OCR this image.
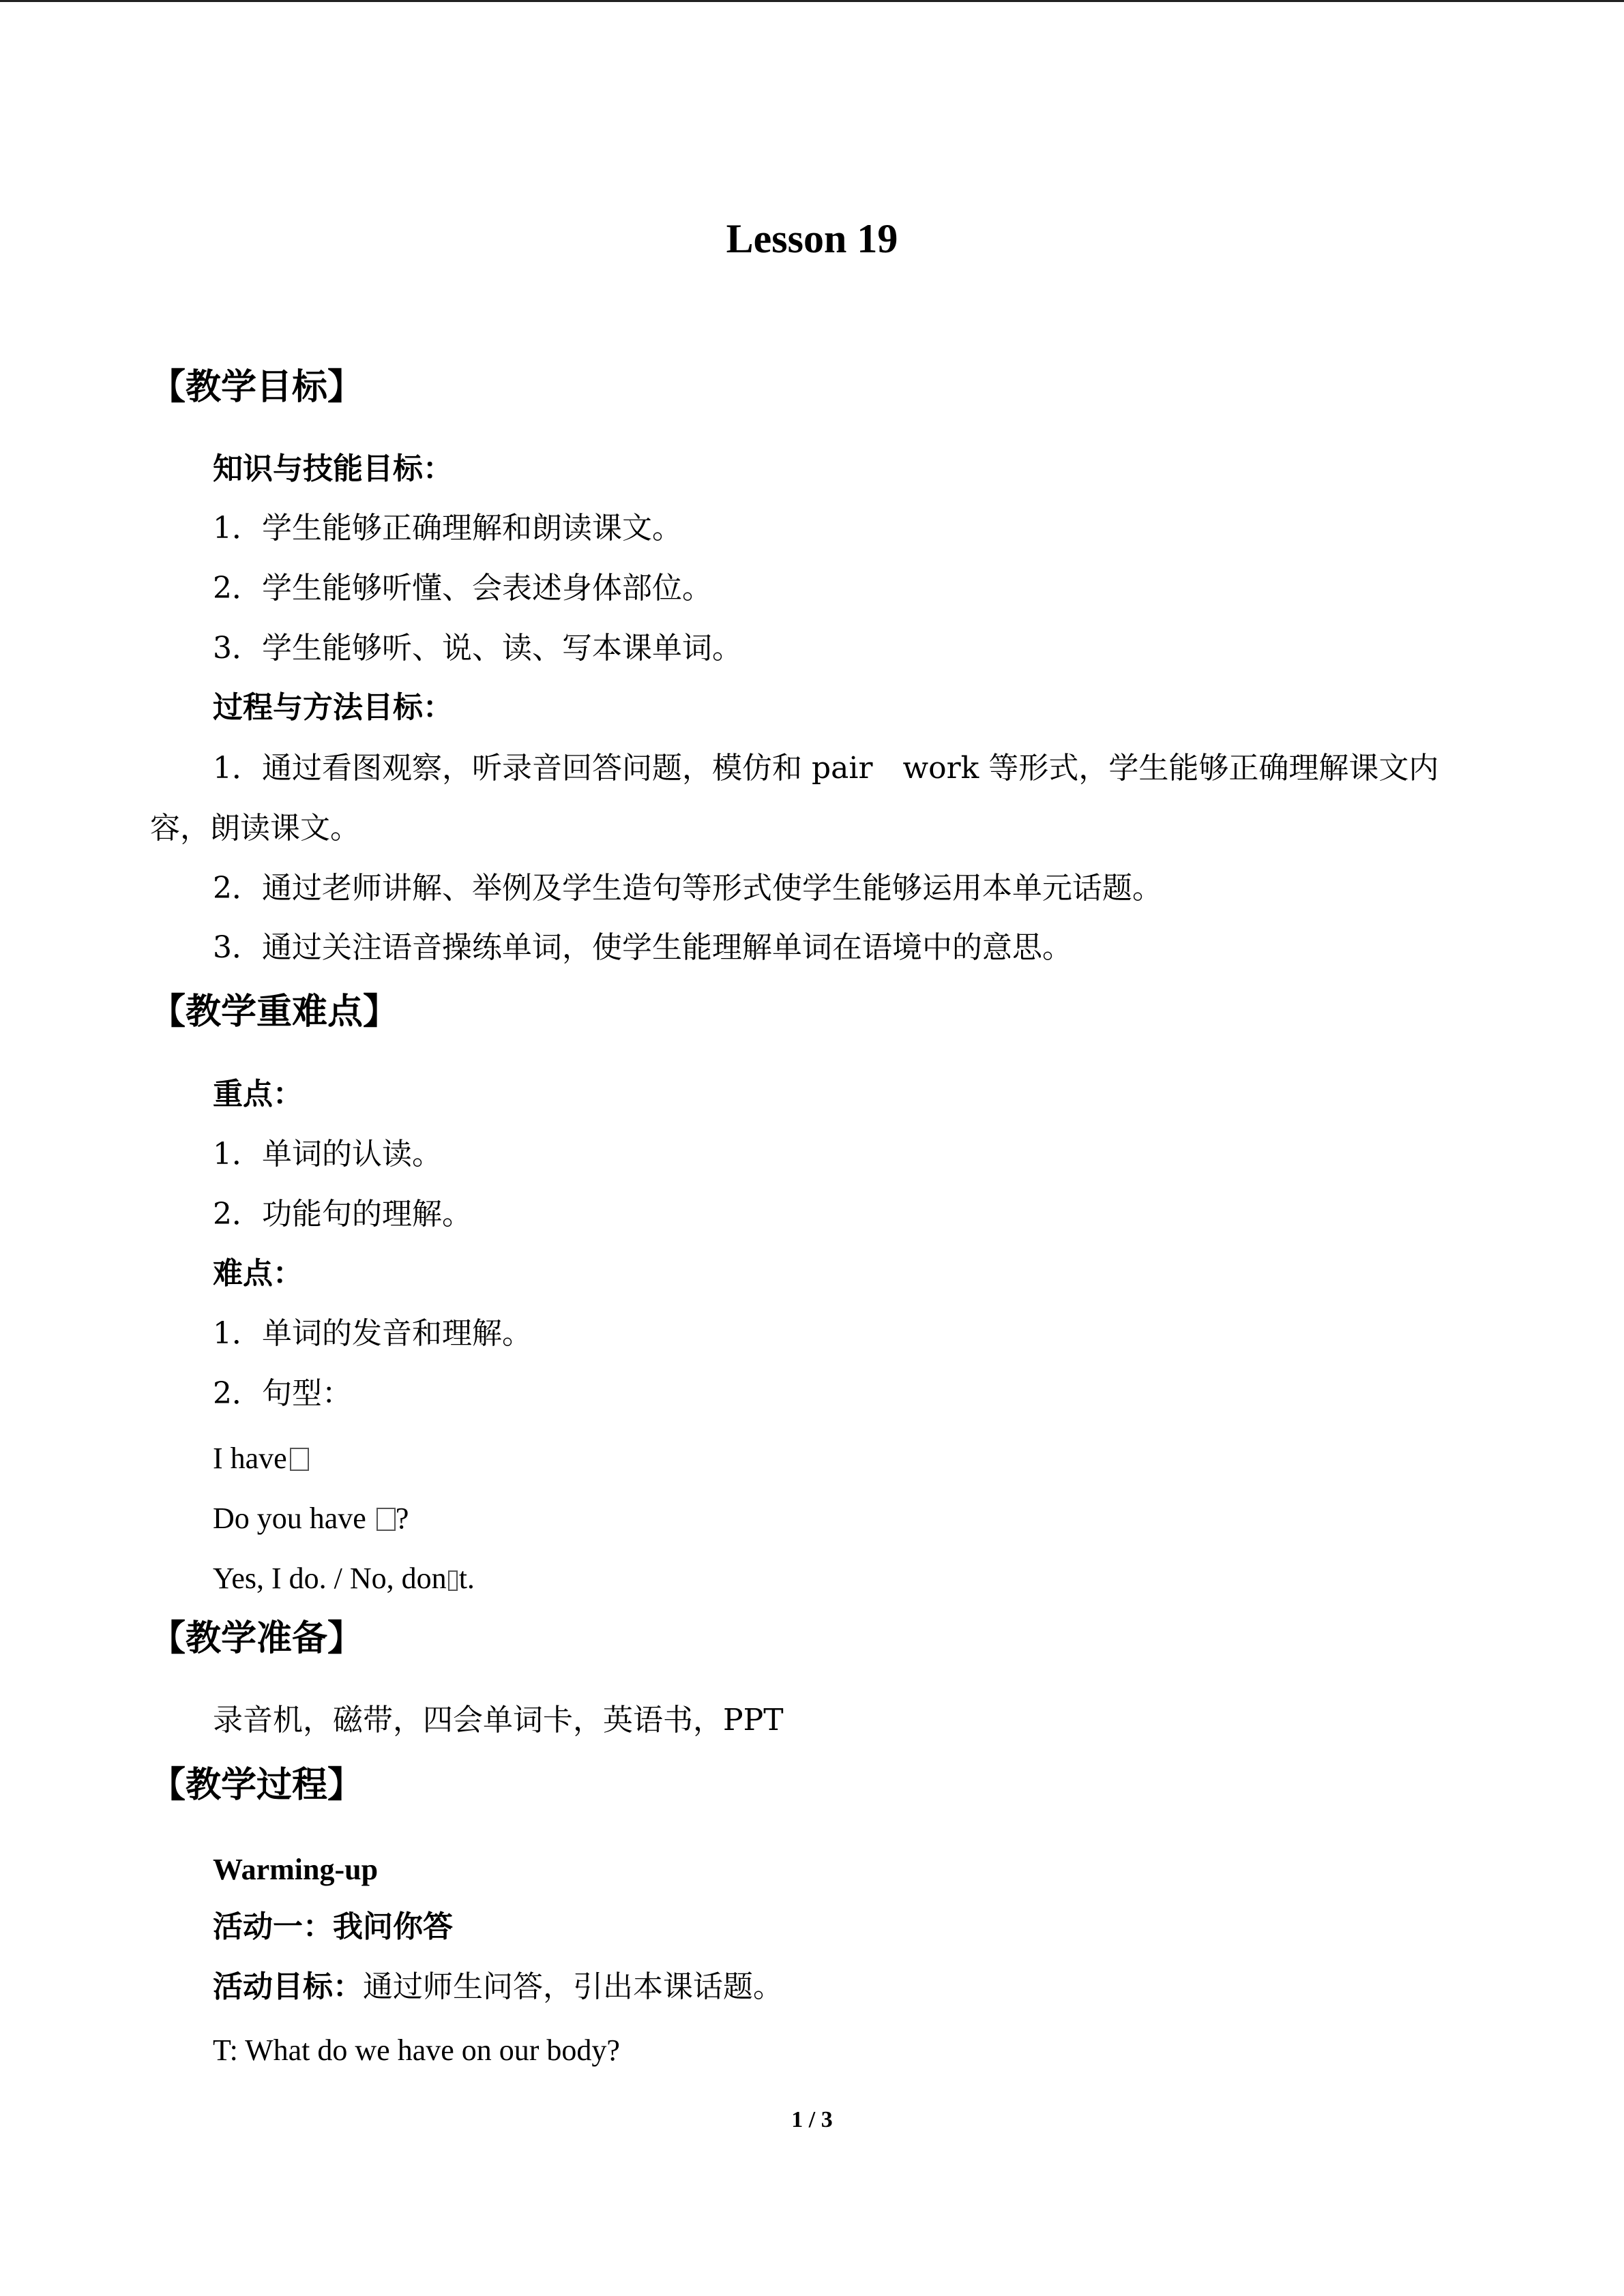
Lesson 19
【教学目标】
知识与技能目标：
1．学生能够正确理解和朗读课文。
2．学生能够听懂、会表述身体部位。
3．学生能够听、说、读、写本课单词。
过程与方法目标：

1．通过看图观察，听录音回答问题，模仿和 pair　work 等形式，学生能够正确理解课文内容，朗读课文。

2．通过老师讲解、举例及学生造句等形式使学生能够运用本单元话题。
3．通过关注语音操练单词，使学生能理解单词在语境中的意思。
【教学重难点】
重点：
1．单词的认读。
2．功能句的理解。
难点：
1．单词的发音和理解。
2．句型：
I have
Do you have ?
Yes, I do. / No, don t.
【教学准备】
录音机，磁带，四会单词卡，英语书，PPT
【教学过程】
Warming-up
活动一：我问你答
活动目标：通过师生问答，引出本课话题。
T: What do we have on our body?
1 / 3
